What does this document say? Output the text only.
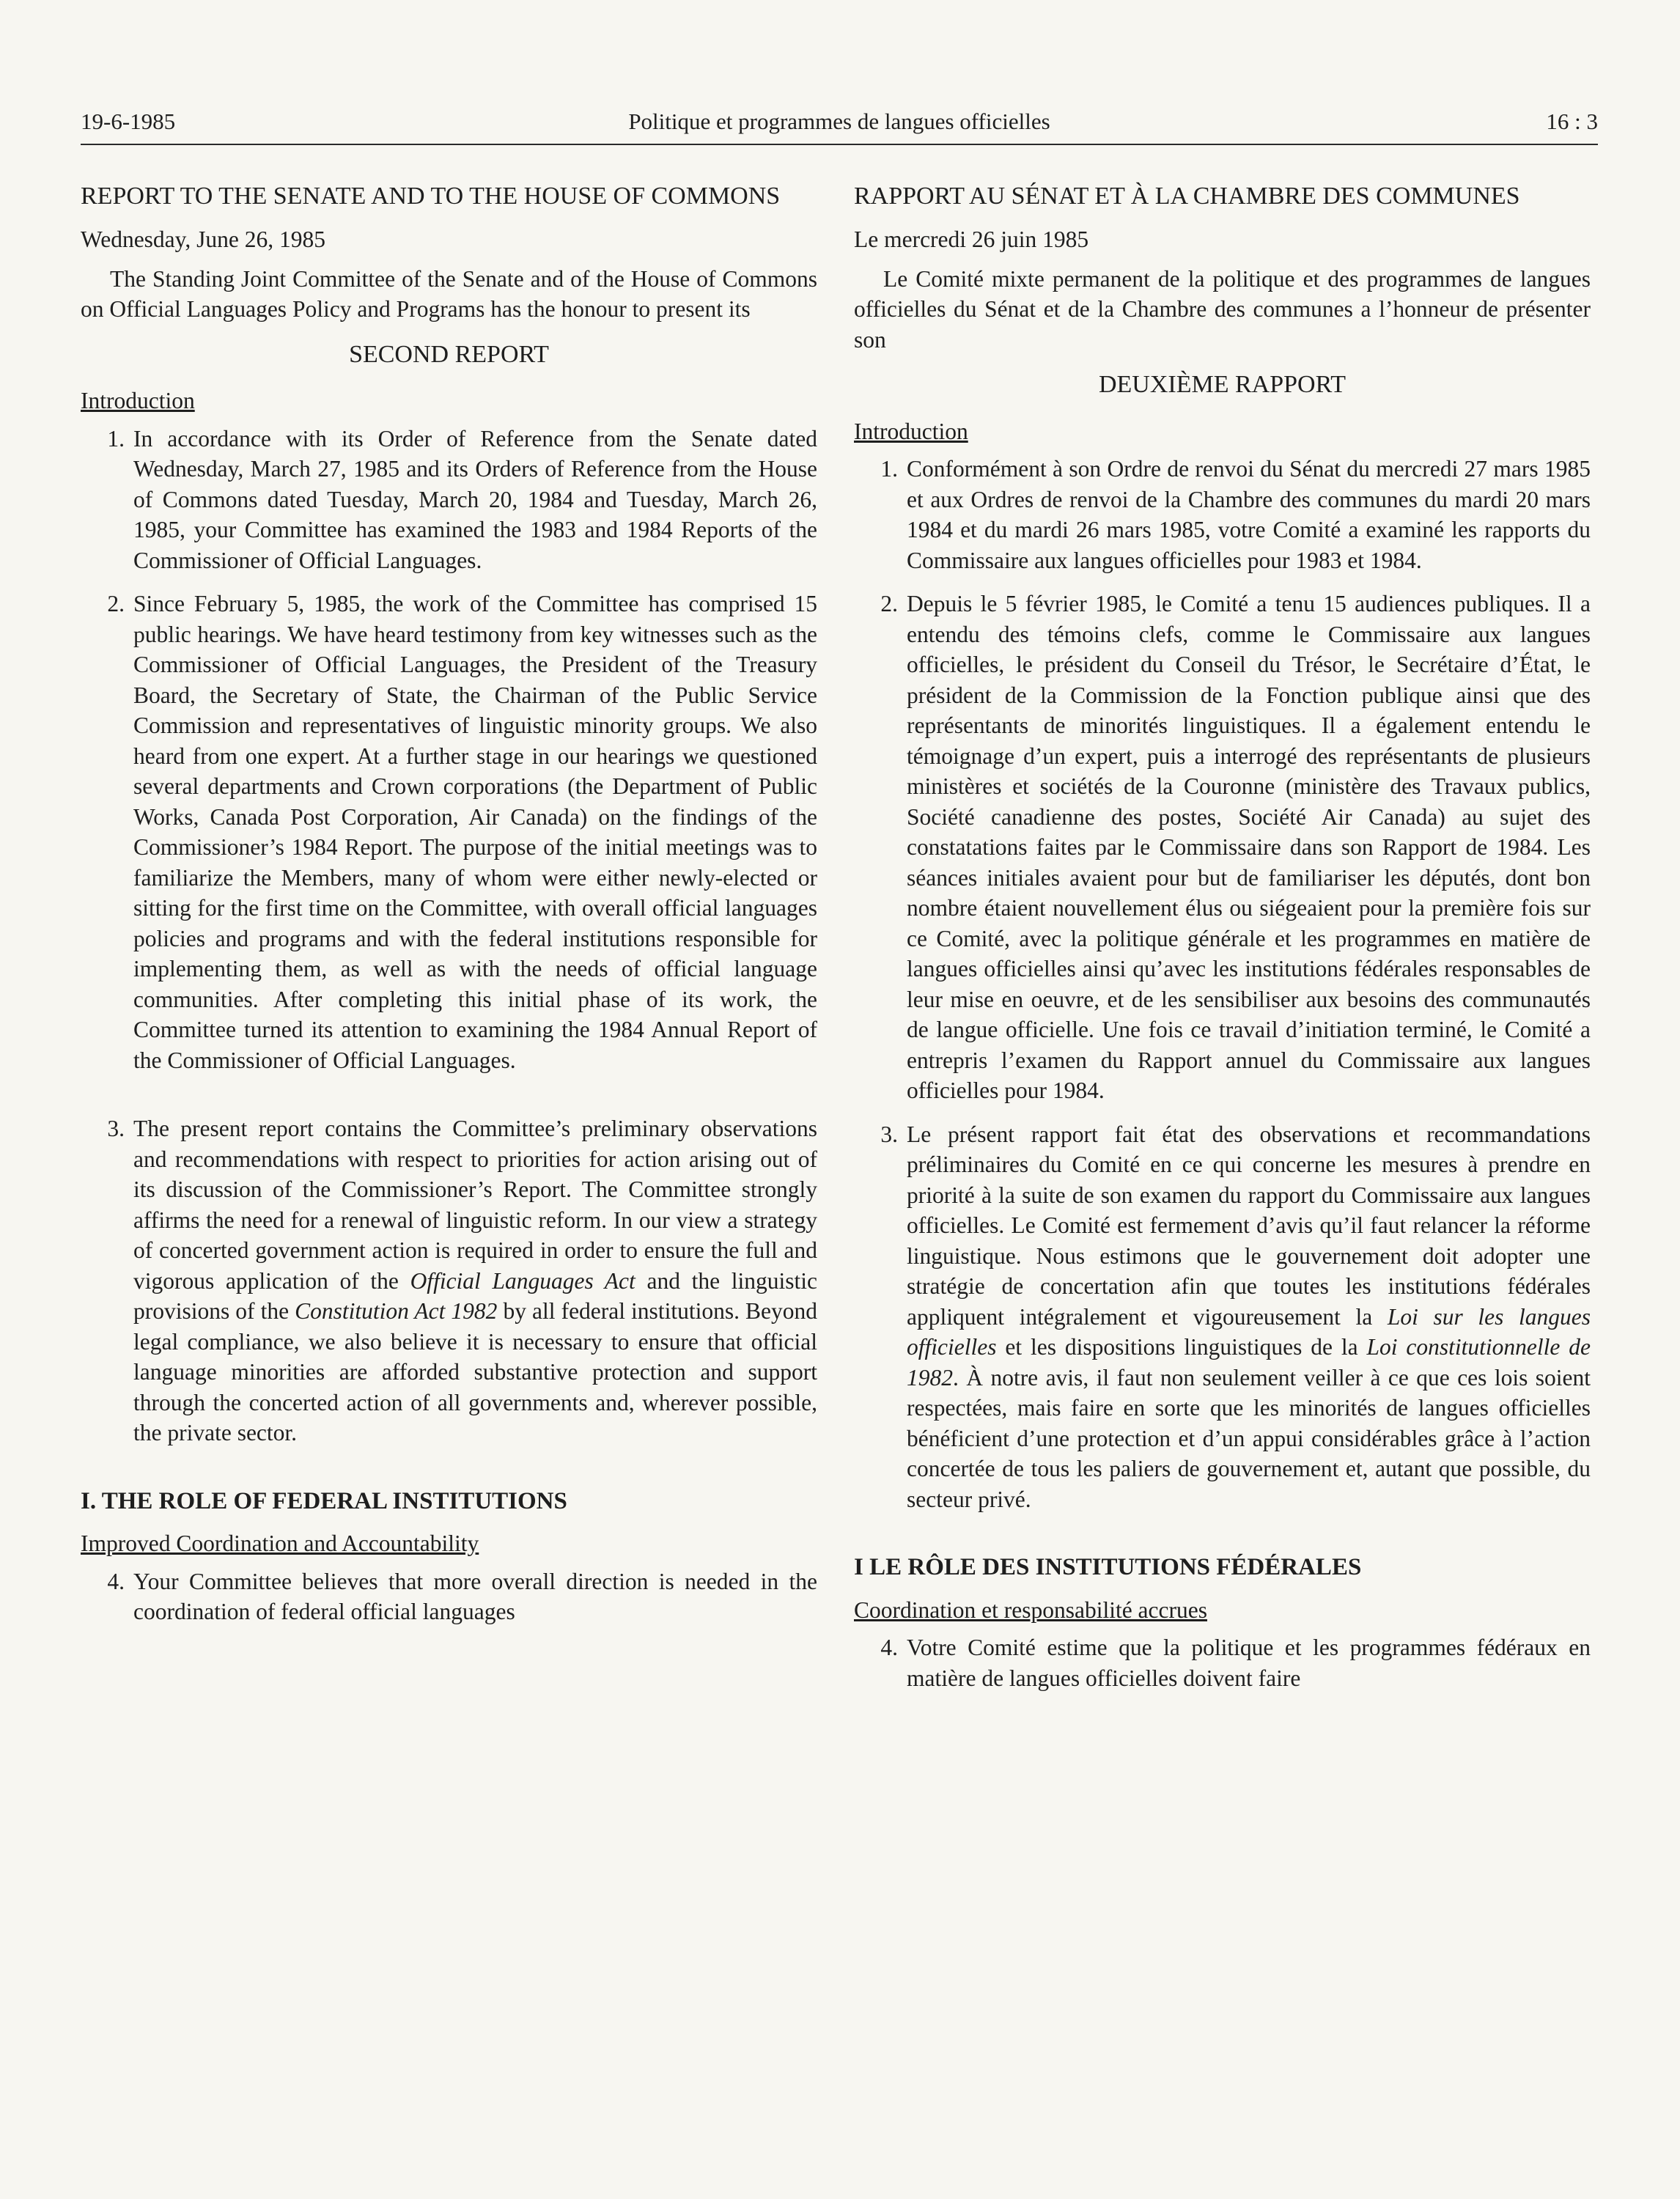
19-6-1985	Politique et programmes de langues officielles	16 : 3
REPORT TO THE SENATE AND TO THE HOUSE OF COMMONS
Wednesday, June 26, 1985

The Standing Joint Committee of the Senate and of the House of Commons on Official Languages Policy and Programs has the honour to present its

SECOND REPORT
Introduction
1. In accordance with its Order of Reference from the Senate dated Wednesday, March 27, 1985 and its Orders of Reference from the House of Commons dated Tuesday, March 20, 1984 and Tuesday, March 26, 1985, your Committee has examined the 1983 and 1984 Reports of the Commissioner of Official Languages.
2. Since February 5, 1985, the work of the Committee has comprised 15 public hearings. We have heard testimony from key witnesses such as the Commissioner of Official Languages, the President of the Treasury Board, the Secretary of State, the Chairman of the Public Service Commission and representatives of linguistic minority groups. We also heard from one expert. At a further stage in our hearings we questioned several departments and Crown corporations (the Department of Public Works, Canada Post Corporation, Air Canada) on the findings of the Commissioner’s 1984 Report. The purpose of the initial meetings was to familiarize the Members, many of whom were either newly-elected or sitting for the first time on the Committee, with overall official languages policies and programs and with the federal institutions responsible for implementing them, as well as with the needs of official language communities. After completing this initial phase of its work, the Committee turned its attention to examining the 1984 Annual Report of the Commissioner of Official Languages.
3. The present report contains the Committee’s preliminary observations and recommendations with respect to priorities for action arising out of its discussion of the Commissioner’s Report. The Committee strongly affirms the need for a renewal of linguistic reform. In our view a strategy of concerted government action is required in order to ensure the full and vigorous application of the Official Languages Act and the linguistic provisions of the Constitution Act 1982 by all federal institutions. Beyond legal compliance, we also believe it is necessary to ensure that official language minorities are afforded substantive protection and support through the concerted action of all governments and, wherever possible, the private sector.
I. THE ROLE OF FEDERAL INSTITUTIONS
Improved Coordination and Accountability
4. Your Committee believes that more overall direction is needed in the coordination of federal official languages
RAPPORT AU SÉNAT ET À LA CHAMBRE DES COMMUNES
Le mercredi 26 juin 1985

Le Comité mixte permanent de la politique et des programmes de langues officielles du Sénat et de la Chambre des communes a l’honneur de présenter son

DEUXIÈME RAPPORT
Introduction
1. Conformément à son Ordre de renvoi du Sénat du mercredi 27 mars 1985 et aux Ordres de renvoi de la Chambre des communes du mardi 20 mars 1984 et du mardi 26 mars 1985, votre Comité a examiné les rapports du Commissaire aux langues officielles pour 1983 et 1984.
2. Depuis le 5 février 1985, le Comité a tenu 15 audiences publiques. Il a entendu des témoins clefs, comme le Commissaire aux langues officielles, le président du Conseil du Trésor, le Secrétaire d’État, le président de la Commission de la Fonction publique ainsi que des représentants de minorités linguistiques. Il a également entendu le témoignage d’un expert, puis a interrogé des représentants de plusieurs ministères et sociétés de la Couronne (ministère des Travaux publics, Société canadienne des postes, Société Air Canada) au sujet des constatations faites par le Commissaire dans son Rapport de 1984. Les séances initiales avaient pour but de familiariser les députés, dont bon nombre étaient nouvellement élus ou siégeaient pour la première fois sur ce Comité, avec la politique générale et les programmes en matière de langues officielles ainsi qu’avec les institutions fédérales responsables de leur mise en oeuvre, et de les sensibiliser aux besoins des communautés de langue officielle. Une fois ce travail d’initiation terminé, le Comité a entrepris l’examen du Rapport annuel du Commissaire aux langues officielles pour 1984.
3. Le présent rapport fait état des observations et recommandations préliminaires du Comité en ce qui concerne les mesures à prendre en priorité à la suite de son examen du rapport du Commissaire aux langues officielles. Le Comité est fermement d’avis qu’il faut relancer la réforme linguistique. Nous estimons que le gouvernement doit adopter une stratégie de concertation afin que toutes les institutions fédérales appliquent intégralement et vigoureusement la Loi sur les langues officielles et les dispositions linguistiques de la Loi constitutionnelle de 1982. À notre avis, il faut non seulement veiller à ce que ces lois soient respectées, mais faire en sorte que les minorités de langues officielles bénéficient d’une protection et d’un appui considérables grâce à l’action concertée de tous les paliers de gouvernement et, autant que possible, du secteur privé.
I LE RÔLE DES INSTITUTIONS FÉDÉRALES
Coordination et responsabilité accrues
4. Votre Comité estime que la politique et les programmes fédéraux en matière de langues officielles doivent faire
